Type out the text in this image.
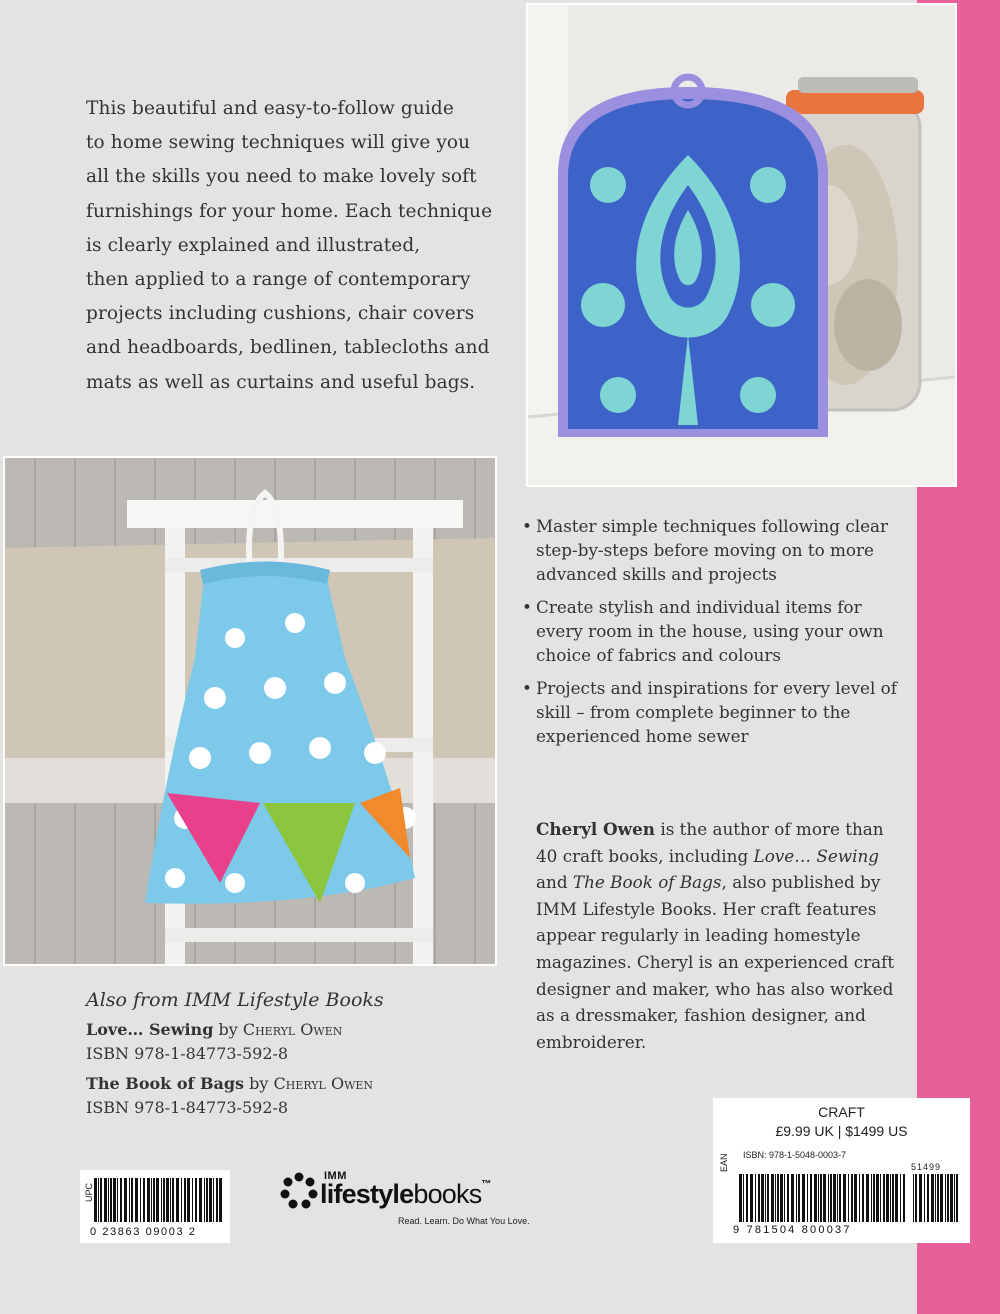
This beautiful and easy-to-follow guide
to home sewing techniques will give you
all the skills you need to make lovely soft
furnishings for your home. Each technique
is clearly explained and illustrated,
then applied to a range of contemporary
projects including cushions, chair covers
and headboards, bedlinen, tablecloths and
mats as well as curtains and useful bags.
• Master simple techniques following clear step-by-steps before moving on to more advanced skills and projects
• Create stylish and individual items for every room in the house, using your own choice of fabrics and colours
• Projects and inspirations for every level of skill – from complete beginner to the experienced home sewer
Cheryl Owen is the author of more than 40 craft books, including Love… Sewing and The Book of Bags, also published by IMM Lifestyle Books. Her craft features appear regularly in leading homestyle magazines. Cheryl is an experienced craft designer and maker, who has also worked as a dressmaker, fashion designer, and embroiderer.
Also from IMM Lifestyle Books
Love… Sewing by Cheryl Owen
ISBN 978-1-84773-592-8
The Book of Bags by Cheryl Owen
ISBN 978-1-84773-592-8
UPC
0 23863 09003 2
IMM
lifestylebooks™
Read. Learn. Do What You Love.
CRAFT
£9.99 UK | $1499 US
ISBN: 978-1-5048-0003-7
EAN	51499
9 781504 800037
